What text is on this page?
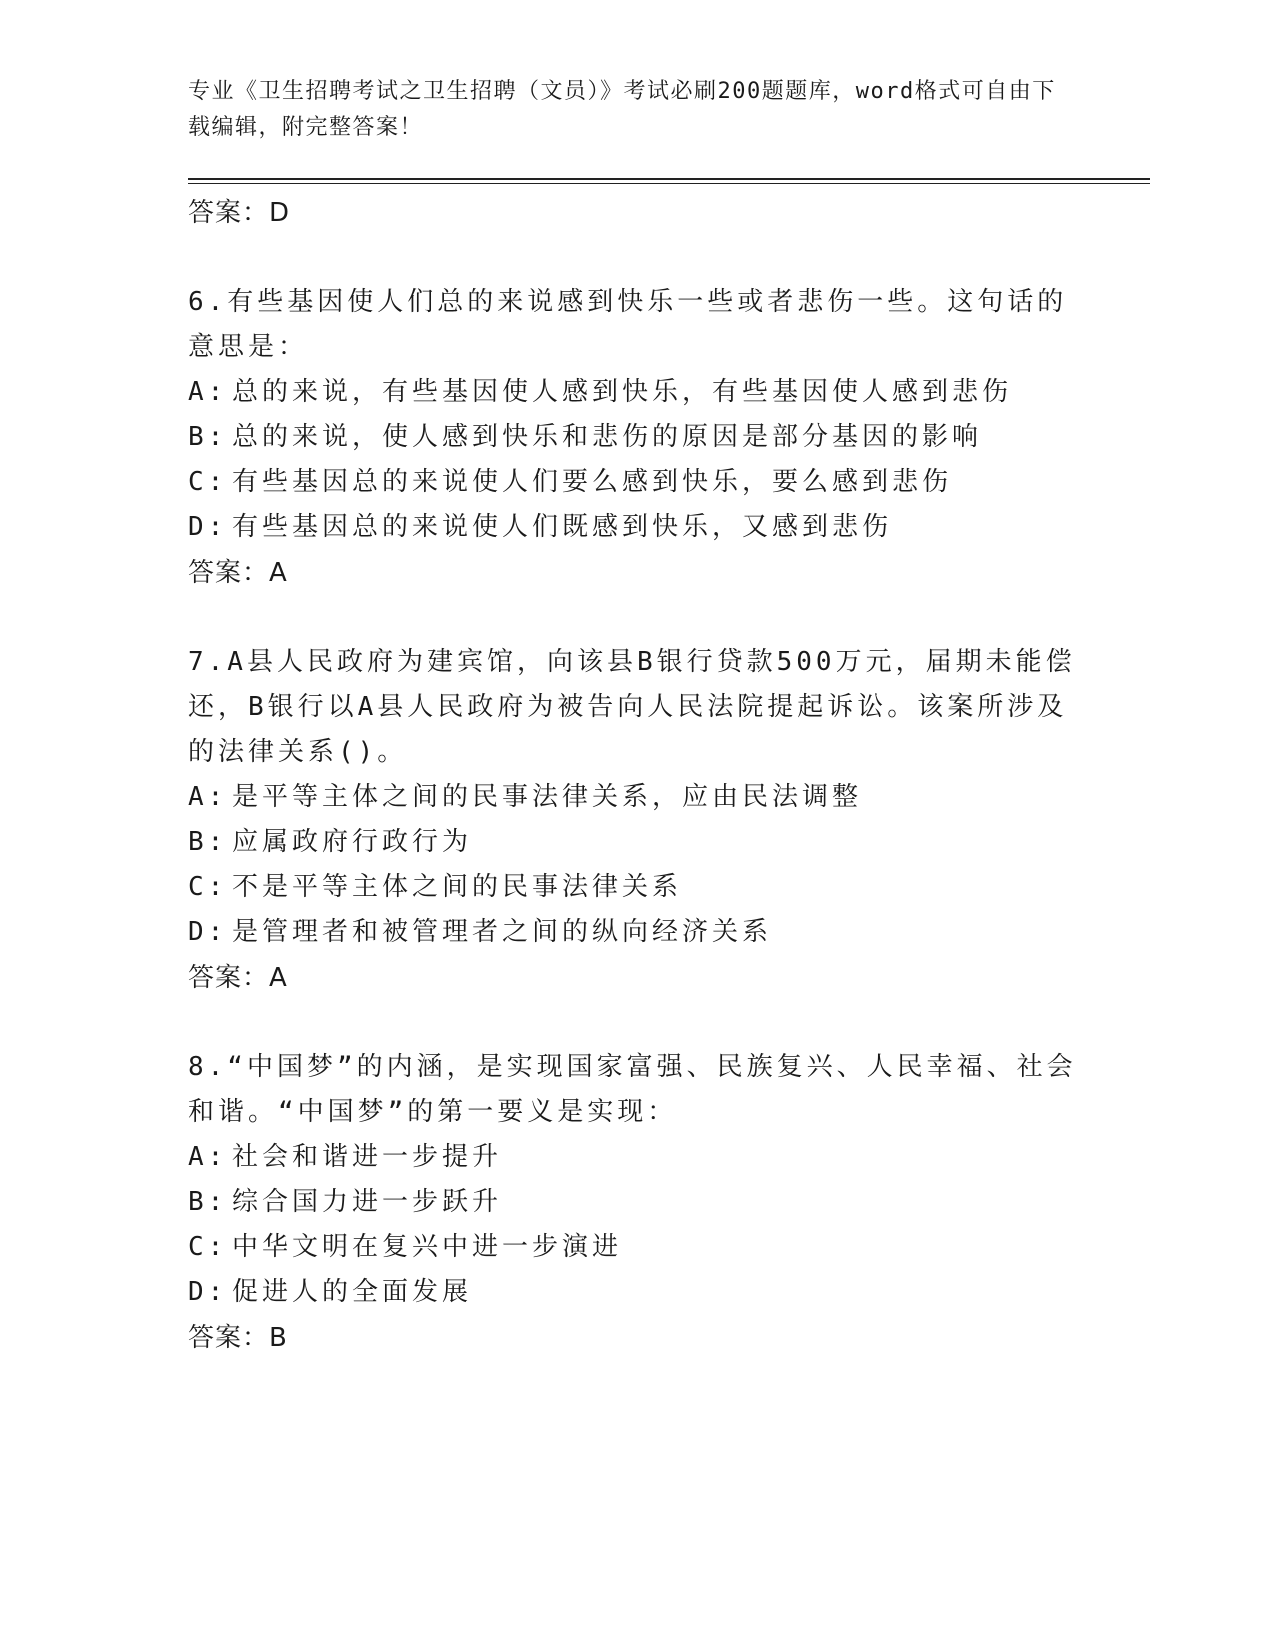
专业《卫生招聘考试之卫生招聘（文员）》考试必刷200题题库，word格式可自由下载编辑，附完整答案！
答案：D
6.有些基因使人们总的来说感到快乐一些或者悲伤一些。这句话的意思是：
A: 总的来说，有些基因使人感到快乐，有些基因使人感到悲伤
B: 总的来说，使人感到快乐和悲伤的原因是部分基因的影响
C: 有些基因总的来说使人们要么感到快乐，要么感到悲伤
D: 有些基因总的来说使人们既感到快乐，又感到悲伤
答案：A
7.A县人民政府为建宾馆，向该县B银行贷款500万元，届期未能偿还，B银行以A县人民政府为被告向人民法院提起诉讼。该案所涉及的法律关系()。
A: 是平等主体之间的民事法律关系，应由民法调整
B: 应属政府行政行为
C: 不是平等主体之间的民事法律关系
D: 是管理者和被管理者之间的纵向经济关系
答案：A
8.“中国梦”的内涵，是实现国家富强、民族复兴、人民幸福、社会和谐。“中国梦”的第一要义是实现：
A: 社会和谐进一步提升
B: 综合国力进一步跃升
C: 中华文明在复兴中进一步演进
D: 促进人的全面发展
答案：B
